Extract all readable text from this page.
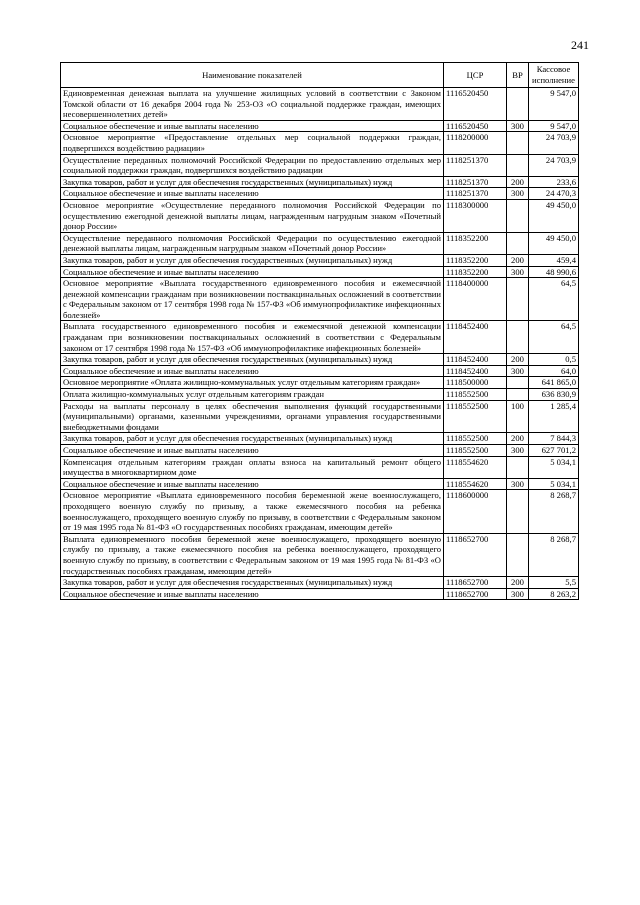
241
Наименование показателей	ЦСР	ВР	Кассовое исполнение
Единовременная денежная выплата на улучшение жилищных условий в соответствии с Законом Томской области от 16 декабря 2004 года № 253-ОЗ «О социальной поддержке граждан, имеющих несовершеннолетних детей»	1116520450		9 547,0
Социальное обеспечение и иные выплаты населению	1116520450	300	9 547,0
Основное мероприятие «Предоставление отдельных мер социальной поддержки граждан, подвергшихся воздействию радиации»	1118200000		24 703,9
Осуществление переданных полномочий Российской Федерации по предоставлению отдельных мер социальной поддержки граждан, подвергшихся воздействию радиации	1118251370		24 703,9
Закупка товаров, работ и услуг для обеспечения государственных (муниципальных) нужд	1118251370	200	233,6
Социальное обеспечение и иные выплаты населению	1118251370	300	24 470,3
Основное мероприятие «Осуществление переданного полномочия Российской Федерации по осуществлению ежегодной денежной выплаты лицам, награжденным нагрудным знаком «Почетный донор России»	1118300000		49 450,0
Осуществление переданного полномочия Российской Федерации по осуществлению ежегодной денежной выплаты лицам, награжденным нагрудным знаком «Почетный донор России»	1118352200		49 450,0
Закупка товаров, работ и услуг для обеспечения государственных (муниципальных) нужд	1118352200	200	459,4
Социальное обеспечение и иные выплаты населению	1118352200	300	48 990,6
Основное мероприятие «Выплата государственного единовременного пособия и ежемесячной денежной компенсации гражданам при возникновении поствакцинальных осложнений в соответствии с Федеральным законом от 17 сентября 1998 года № 157-ФЗ «Об иммунопрофилактике инфекционных болезней»	1118400000		64,5
Выплата государственного единовременного пособия и ежемесячной денежной компенсации гражданам при возникновении поствакцинальных осложнений в соответствии с Федеральным законом от 17 сентября 1998 года № 157-ФЗ «Об иммунопрофилактике инфекционных болезней»	1118452400		64,5
Закупка товаров, работ и услуг для обеспечения государственных (муниципальных) нужд	1118452400	200	0,5
Социальное обеспечение и иные выплаты населению	1118452400	300	64,0
Основное мероприятие «Оплата жилищно-коммунальных услуг отдельным категориям граждан»	1118500000		641 865,0
Оплата жилищно-коммунальных услуг отдельным категориям граждан	1118552500		636 830,9
Расходы на выплаты персоналу в целях обеспечения выполнения функций государственными (муниципальными) органами, казенными учреждениями, органами управления государственными внебюджетными фондами	1118552500	100	1 285,4
Закупка товаров, работ и услуг для обеспечения государственных (муниципальных) нужд	1118552500	200	7 844,3
Социальное обеспечение и иные выплаты населению	1118552500	300	627 701,2
Компенсация отдельным категориям граждан оплаты взноса на капитальный ремонт общего имущества в многоквартирном доме	1118554620		5 034,1
Социальное обеспечение и иные выплаты населению	1118554620	300	5 034,1
Основное мероприятие «Выплата единовременного пособия беременной жене военнослужащего, проходящего военную службу по призыву, а также ежемесячного пособия на ребенка военнослужащего, проходящего военную службу по призыву, в соответствии с Федеральным законом от 19 мая 1995 года № 81-ФЗ «О государственных пособиях гражданам, имеющим детей»	1118600000		8 268,7
Выплата единовременного пособия беременной жене военнослужащего, проходящего военную службу по призыву, а также ежемесячного пособия на ребенка военнослужащего, проходящего военную службу по призыву, в соответствии с Федеральным законом от 19 мая 1995 года № 81-ФЗ «О государственных пособиях гражданам, имеющим детей»	1118652700		8 268,7
Закупка товаров, работ и услуг для обеспечения государственных (муниципальных) нужд	1118652700	200	5,5
Социальное обеспечение и иные выплаты населению	1118652700	300	8 263,2
